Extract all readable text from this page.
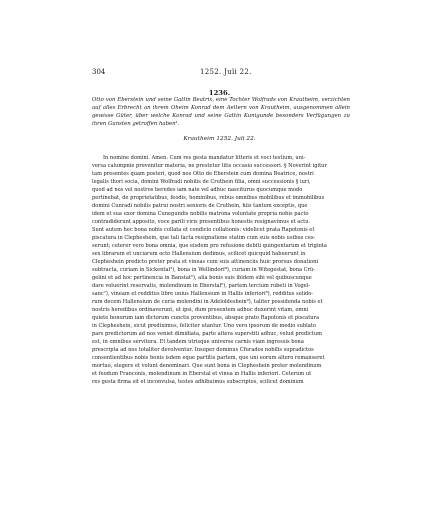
304	1252. Juli 22.
1236.
Otto von Eberstein und seine Gattin Beatrix, eine Tochter Wolfrads von Krautheim, verzichten auf alles Erbrecht an ihrem Oheim Konrad dem Aeltern von Krautheim, ausgenommen allein gewisse Güter, über welche Konrad und seine Gattin Kunigunde besonders Verfügungen zu ihren Gunsten getroffen haben¹.
Krautheim 1252. Juli 22.
In nomine domini. Amen. Cum res gesta mandatur litteris et voci testium, uni-
versa calumpnie prevenitur materia, ne prestetur litis occasio successori. § Noverint igitur
tam presentes quam posteri, quod nos Otto de Eberstein cum domina Beatrice, nostri
legalis thori socia, domini Wolfradi nobilis de Cruthein filia, omni successionis § iuri,
quod ad nos vel nostros heredes iam nate vel adhuc nasciturus quocumque modo
pertinebat, de proprietatibus, feodis, hominibus, rebus omnibus mobilibus et immobilibus
domini Cunradi nobilis patrui nostri senioris de Cruthein, hiis tantum exceptis, que
idem et sua uxor domina Cunegundis nobilis matrona voluntate propria nobis pacto
contradiderunt apposito, voce parili viris presentibus honestis resignavimus et actu.
Sunt autem hec bona nobis collata et condicio collationis: videlicet prata Rapotonis et
piscatura in Clepheshein, que tali facta resignatione statim cum suis nobis usibus ces-
serunt; ceterer vero bona omnia, que eisdem pro refusione debiti quingentarum et triginta
sex librarum et unciarum octo Hallensium dedimus, scilicet quicquid habuerunt in
Clepheshein predicto preter prata et vineas cum suis attinenciis huic prorsus donationi
subtracta, curiam in Sickental³), bona in Wellindorf⁴), curiam in Witegestat, bona Crü-
gelini et ad hoc pertinencia in Banstat⁵), alia bonis suis ibidem sibi vel quibuscunque
dare voluerint reservatis, molendinum in Eberstal⁶), partem tercium rubeti in Vogel-
sanc⁷), vineam et redditus libre unius Hallensium in Hallis inferiori⁸), redditus solido-
rum decem Hallensium de curia molendini in Adeloldeshein⁹), taliter possidenda nobis et
nostris heredibus ordinaverunt, ut ipsi, dum presentem adhuc duxerint vitam, omni
quiete bonorum iam dictorum cunctis proventibus, absque prato Rapotonis et piscatura
in Clepheshein, sicut prediximus, feliciter utantur. Uno vero ipsorum de medio sublato
pars predictorum ad nos veniet dimidiata, parte altera superstiti adhuc, velud predictum
est, in omnibus servitura. Et tandem utrisque universe carnis viam ingressis bona
prescripta ad nos totaliter devolventur. Insuper dominus Cfurados nobilis supradictos
consentientibus nobis bonis isdem eque partitis partem, que uni eorum altero remanseret
mortuo, elegere et volunt denominari. Que sunt bona in Clepheshein preter molendinum
et feodum Franconis, molendinum in Eberstal et vinea in Hallis inferiori. Ceterum ut
res gesta firma sit et inconvulsa, testes adhibuimus subscriptos, scilicet dominum
